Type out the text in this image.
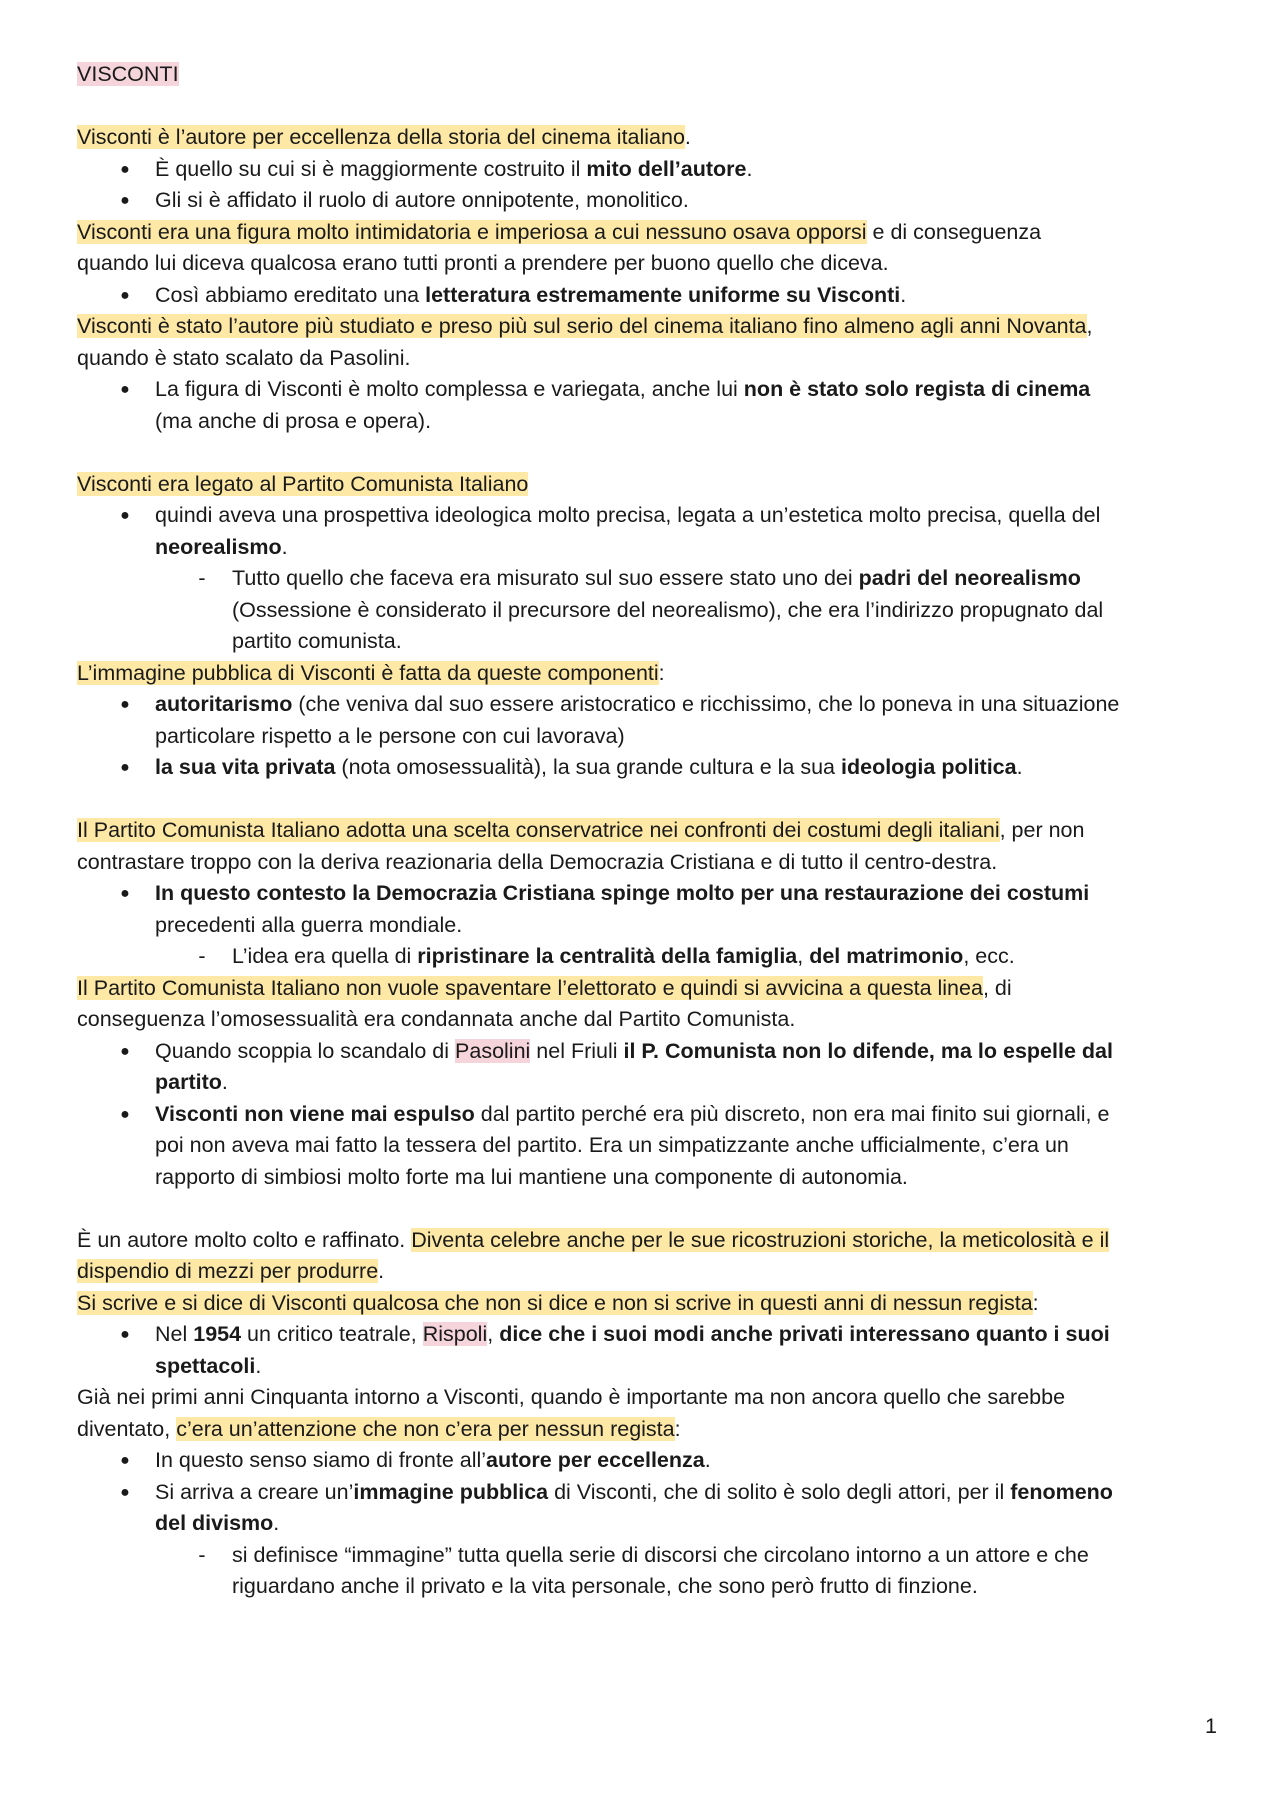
VISCONTI
Visconti è l’autore per eccellenza della storia del cinema italiano.
● È quello su cui si è maggiormente costruito il mito dell’autore.
● Gli si è affidato il ruolo di autore onnipotente, monolitico.
Visconti era una figura molto intimidatoria e imperiosa a cui nessuno osava opporsi e di conseguenza
quando lui diceva qualcosa erano tutti pronti a prendere per buono quello che diceva.
● Così abbiamo ereditato una letteratura estremamente uniforme su Visconti.
Visconti è stato l’autore più studiato e preso più sul serio del cinema italiano fino almeno agli anni Novanta,
quando è stato scalato da Pasolini.
● La figura di Visconti è molto complessa e variegata, anche lui non è stato solo regista di cinema
(ma anche di prosa e opera).
Visconti era legato al Partito Comunista Italiano
● quindi aveva una prospettiva ideologica molto precisa, legata a un’estetica molto precisa, quella del
neorealismo.
- Tutto quello che faceva era misurato sul suo essere stato uno dei padri del neorealismo
(Ossessione è considerato il precursore del neorealismo), che era l’indirizzo propugnato dal
partito comunista.
L’immagine pubblica di Visconti è fatta da queste componenti:
● autoritarismo (che veniva dal suo essere aristocratico e ricchissimo, che lo poneva in una situazione
particolare rispetto a le persone con cui lavorava)
● la sua vita privata (nota omosessualità), la sua grande cultura e la sua ideologia politica.
Il Partito Comunista Italiano adotta una scelta conservatrice nei confronti dei costumi degli italiani, per non
contrastare troppo con la deriva reazionaria della Democrazia Cristiana e di tutto il centro-destra.
● In questo contesto la Democrazia Cristiana spinge molto per una restaurazione dei costumi
precedenti alla guerra mondiale.
- L’idea era quella di ripristinare la centralità della famiglia, del matrimonio, ecc.
Il Partito Comunista Italiano non vuole spaventare l’elettorato e quindi si avvicina a questa linea, di
conseguenza l’omosessualità era condannata anche dal Partito Comunista.
● Quando scoppia lo scandalo di Pasolini nel Friuli il P. Comunista non lo difende, ma lo espelle dal
partito.
● Visconti non viene mai espulso dal partito perché era più discreto, non era mai finito sui giornali, e
poi non aveva mai fatto la tessera del partito. Era un simpatizzante anche ufficialmente, c’era un
rapporto di simbiosi molto forte ma lui mantiene una componente di autonomia.
È un autore molto colto e raffinato. Diventa celebre anche per le sue ricostruzioni storiche, la meticolosità e il
dispendio di mezzi per produrre.
Si scrive e si dice di Visconti qualcosa che non si dice e non si scrive in questi anni di nessun regista:
● Nel 1954 un critico teatrale, Rispoli, dice che i suoi modi anche privati interessano quanto i suoi
spettacoli.
Già nei primi anni Cinquanta intorno a Visconti, quando è importante ma non ancora quello che sarebbe
diventato, c’era un’attenzione che non c’era per nessun regista:
● In questo senso siamo di fronte all’autore per eccellenza.
● Si arriva a creare un’immagine pubblica di Visconti, che di solito è solo degli attori, per il fenomeno
del divismo.
- si definisce “immagine” tutta quella serie di discorsi che circolano intorno a un attore e che
riguardano anche il privato e la vita personale, che sono però frutto di finzione.
1
